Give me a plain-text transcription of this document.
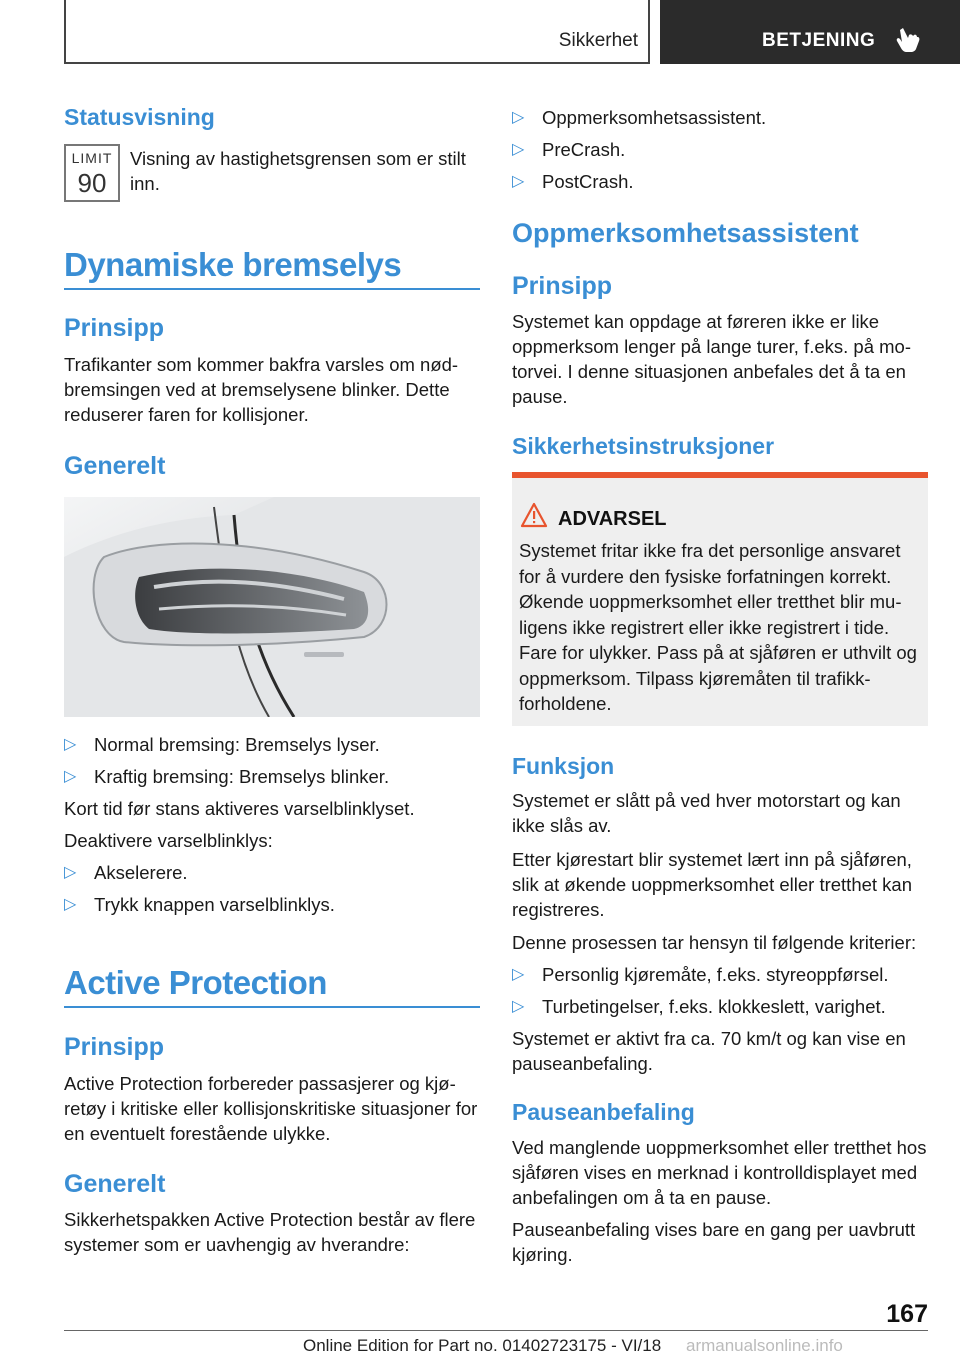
Sikkerhet	BETJENING
Statusvisning
LIMIT
90
Visning av hastighetsgrensen som er stilt inn.
Dynamiske bremselys
Prinsipp
Trafikanter som kommer bakfra varsles om nød-bremsingen ved at bremselysene blinker. Dette reduserer faren for kollisjoner.
Generelt
▷ Normal bremsing: Bremselys lyser.
▷ Kraftig bremsing: Bremselys blinker.
Kort tid før stans aktiveres varselblinklyset.
Deaktivere varselblinklys:
▷ Akselerere.
▷ Trykk knappen varselblinklys.
Active Protection
Prinsipp
Active Protection forbereder passasjerer og kjø-retøy i kritiske eller kollisjonskritiske situasjoner for en eventuelt forestående ulykke.
Generelt
Sikkerhetspakken Active Protection består av flere systemer som er uavhengig av hverandre:
▷ Oppmerksomhetsassistent.
▷ PreCrash.
▷ PostCrash.
Oppmerksomhetsassistent
Prinsipp
Systemet kan oppdage at føreren ikke er like oppmerksom lenger på lange turer, f.eks. på mo-torvei. I denne situasjonen anbefales det å ta en pause.
Sikkerhetsinstruksjoner
ADVARSEL
Systemet fritar ikke fra det personlige ansvaret for å vurdere den fysiske forfatningen korrekt. Økende uoppmerksomhet eller tretthet blir mu-ligens ikke registrert eller ikke registrert i tide. Fare for ulykker. Pass på at sjåføren er uthvilt og oppmerksom. Tilpass kjøremåten til trafikk-forholdene.
Funksjon
Systemet er slått på ved hver motorstart og kan ikke slås av.
Etter kjørestart blir systemet lært inn på sjåføren, slik at økende uoppmerksomhet eller tretthet kan registreres.
Denne prosessen tar hensyn til følgende kriterier:
▷ Personlig kjøremåte, f.eks. styreoppførsel.
▷ Turbetingelser, f.eks. klokkeslett, varighet.
Systemet er aktivt fra ca. 70 km/t og kan vise en pauseanbefaling.
Pauseanbefaling
Ved manglende uoppmerksomhet eller tretthet hos sjåføren vises en merknad i kontrolldisplayet med anbefalingen om å ta en pause.
Pauseanbefaling vises bare en gang per uavbrutt kjøring.
167
Online Edition for Part no. 01402723175 - VI/18 armanualsonline.info
